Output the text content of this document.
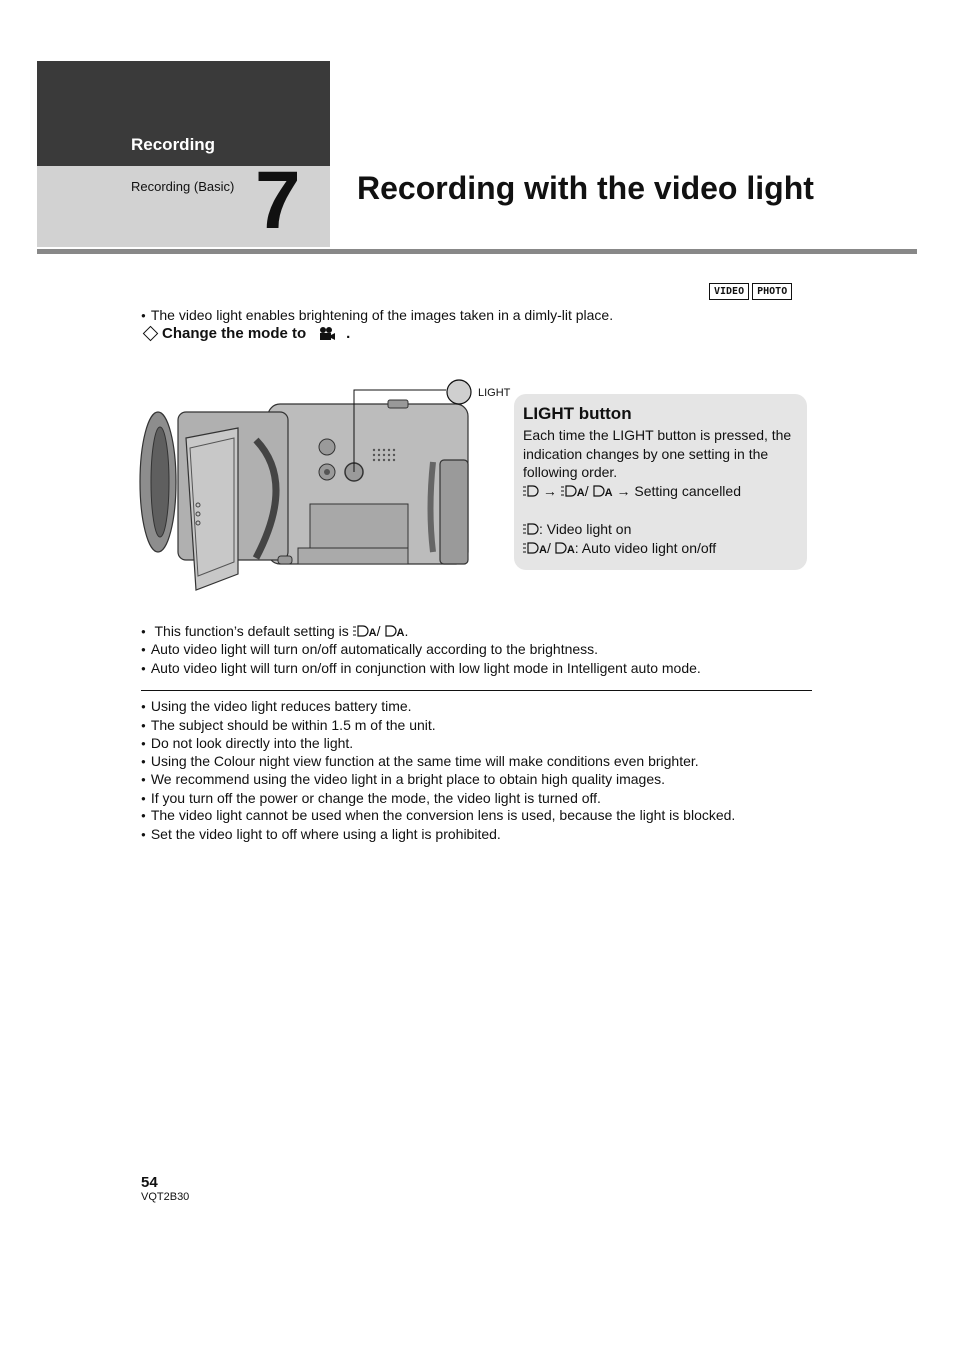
Recording
Recording (Basic) 7 Recording with the video light
VIDEO	PHOTO
● The video light enables brightening of the images taken in a dimly-lit place.
Change the mode to	.
LIGHT
LIGHT button

Each time the LIGHT button is pressed, the indication changes by one setting in the following order.

→ A/ A → Setting cancelled

: Video light on

A/ A: Auto video light on/off

● This function’s default setting is A/ A.
● Auto video light will turn on/off automatically according to the brightness.
● Auto video light will turn on/off in conjunction with low light mode in Intelligent auto mode.
● Using the video light reduces battery time.
● The subject should be within 1.5 m of the unit.
● Do not look directly into the light.
● Using the Colour night view function at the same time will make conditions even brighter.
● We recommend using the video light in a bright place to obtain high quality images.
● If you turn off the power or change the mode, the video light is turned off.
● The video light cannot be used when the conversion lens is used, because the light is blocked.
● Set the video light to off where using a light is prohibited.
54
VQT2B30
